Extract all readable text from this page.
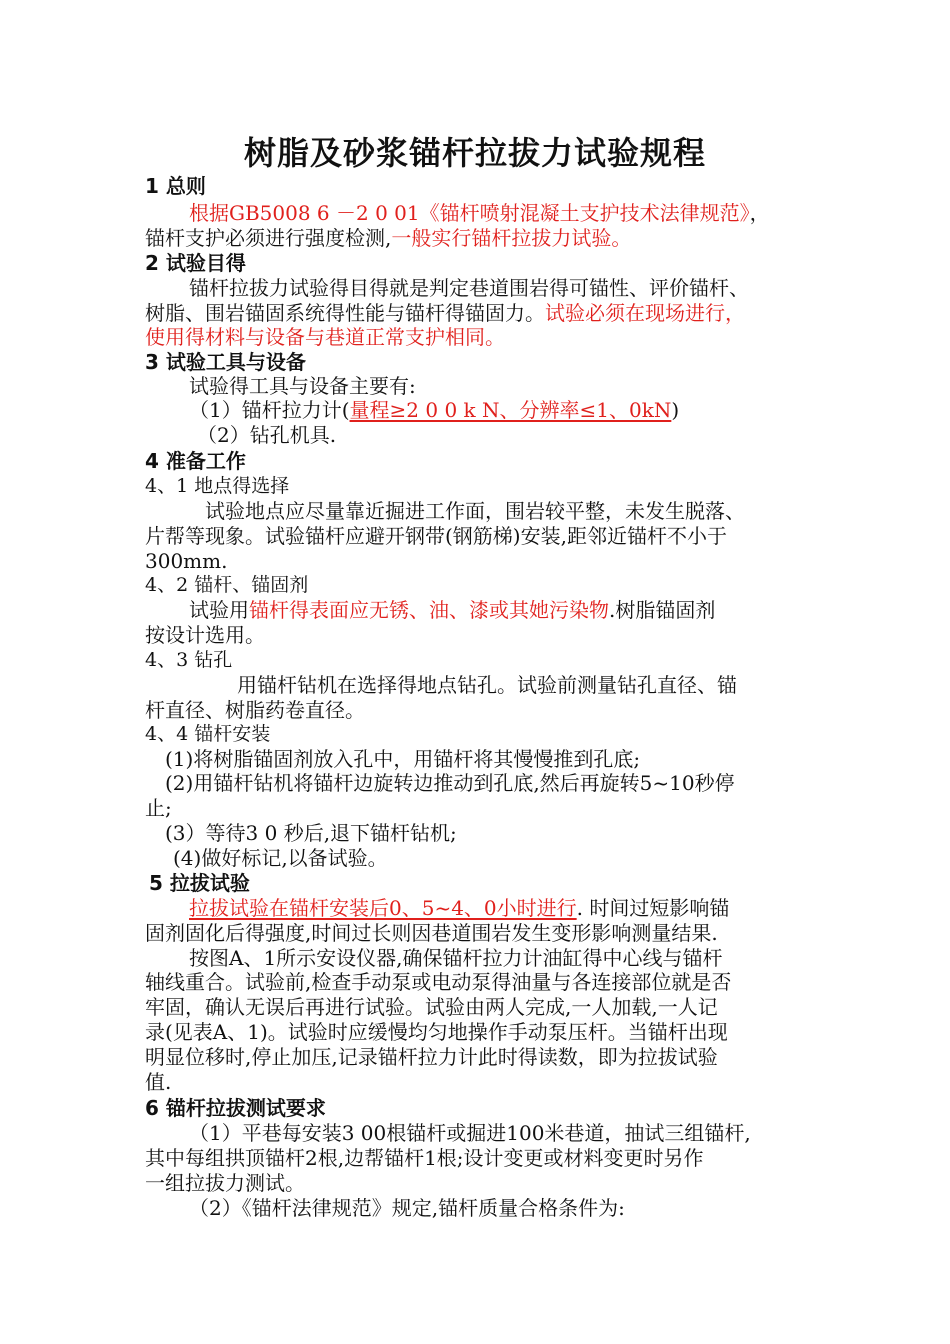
树脂及砂浆锚杆拉拔力试验规程
1 总则
根据GB5008 6 －2 0 01《锚杆喷射混凝土支护技术法律规范》，
锚杆支护必须进行强度检测,一般实行锚杆拉拔力试验。
2 试验目得
锚杆拉拔力试验得目得就是判定巷道围岩得可锚性、评价锚杆、
树脂、围岩锚固系统得性能与锚杆得锚固力。试验必须在现场进行，
使用得材料与设备与巷道正常支护相同。
3 试验工具与设备
试验得工具与设备主要有:
（1）锚杆拉力计(量程≥2 0 0 k N、分辨率≤1、0kN)
（2）钻孔机具.
4 准备工作
4、1 地点得选择
试验地点应尽量靠近掘进工作面，围岩较平整，未发生脱落、
片帮等现象。试验锚杆应避开钢带(钢筋梯)安装,距邻近锚杆不小于
300mm.
4、2 锚杆、锚固剂
试验用锚杆得表面应无锈、油、漆或其她污染物.树脂锚固剂
按设计选用。
4、3 钻孔
用锚杆钻机在选择得地点钻孔。试验前测量钻孔直径、锚
杆直径、树脂药卷直径。
4、4 锚杆安装
(1)将树脂锚固剂放入孔中，用锚杆将其慢慢推到孔底;
(2)用锚杆钻机将锚杆边旋转边推动到孔底,然后再旋转5~10秒停
止;
(3）等待3 0 秒后,退下锚杆钻机;
(4)做好标记,以备试验。
5 拉拔试验
拉拔试验在锚杆安装后0、5~4、0小时进行. 时间过短影响锚
固剂固化后得强度,时间过长则因巷道围岩发生变形影响测量结果.
按图A、1所示安设仪器,确保锚杆拉力计油缸得中心线与锚杆
轴线重合。试验前,检查手动泵或电动泵得油量与各连接部位就是否
牢固，确认无误后再进行试验。试验由两人完成,一人加载,一人记
录(见表A、1)。试验时应缓慢均匀地操作手动泵压杆。当锚杆出现
明显位移时,停止加压,记录锚杆拉力计此时得读数，即为拉拔试验
值.
6 锚杆拉拔测试要求
（1）平巷每安装3 00根锚杆或掘进100米巷道，抽试三组锚杆,
其中每组拱顶锚杆2根,边帮锚杆1根;设计变更或材料变更时另作
一组拉拔力测试。
（2）《锚杆法律规范》规定,锚杆质量合格条件为:
